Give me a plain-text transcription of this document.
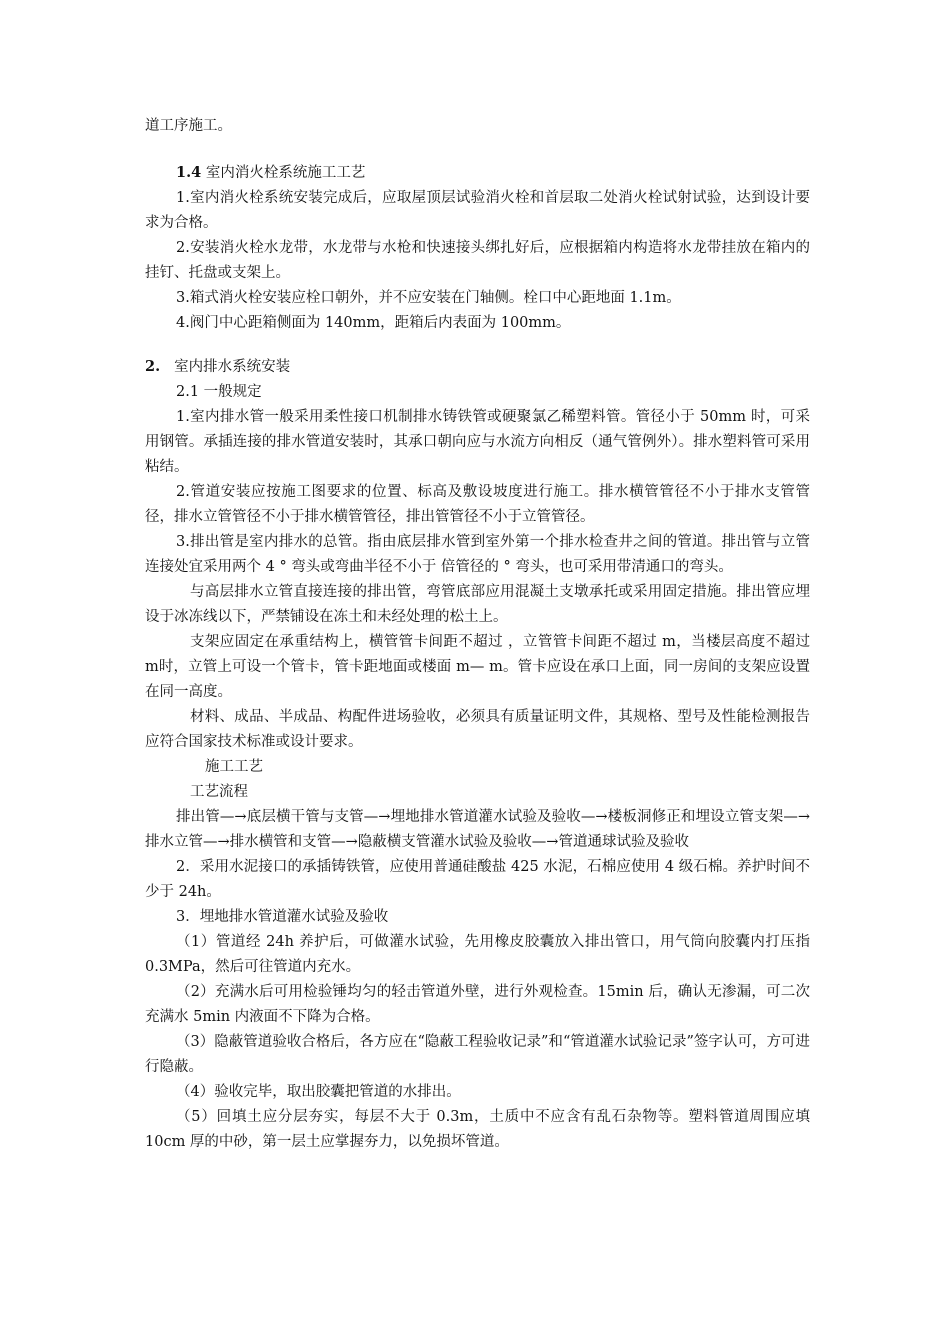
道工序施工。

1.4 室内消火栓系统施工工艺

1.室内消火栓系统安装完成后，应取屋顶层试验消火栓和首层取二处消火栓试射试验，达到设计要求为合格。

2.安装消火栓水龙带，水龙带与水枪和快速接头绑扎好后，应根据箱内构造将水龙带挂放在箱内的挂钉、托盘或支架上。

3.箱式消火栓安装应栓口朝外，并不应安装在门轴侧。栓口中心距地面 1.1m。

4.阀门中心距箱侧面为 140mm，距箱后内表面为 100mm。

2. 室内排水系统安装

2.1 一般规定

1.室内排水管一般采用柔性接口机制排水铸铁管或硬聚氯乙稀塑料管。管径小于 50mm 时，可采用钢管。承插连接的排水管道安装时，其承口朝向应与水流方向相反（通气管例外）。排水塑料管可采用粘结。

2.管道安装应按施工图要求的位置、标高及敷设坡度进行施工。排水横管管径不小于排水支管管径，排水立管管径不小于排水横管管径，排出管管径不小于立管管径。

3.排出管是室内排水的总管。指由底层排水管到室外第一个排水检查井之间的管道。排出管与立管连接处宜采用两个 4 ° 弯头或弯曲半径不小于 倍管径的 ° 弯头，也可采用带清通口的弯头。

与高层排水立管直接连接的排出管，弯管底部应用混凝土支墩承托或采用固定措施。排出管应埋设于冰冻线以下，严禁铺设在冻土和未经处理的松土上。

支架应固定在承重结构上，横管管卡间距不超过 ，立管管卡间距不超过 m，当楼层高度不超过 m时，立管上可设一个管卡，管卡距地面或楼面 m— m。管卡应设在承口上面，同一房间的支架应设置在同一高度。

材料、成品、半成品、构配件进场验收，必须具有质量证明文件，其规格、型号及性能检测报告应符合国家技术标准或设计要求。

施工工艺

工艺流程

排出管—→底层横干管与支管—→埋地排水管道灌水试验及验收—→楼板洞修正和埋设立管支架—→排水立管—→排水横管和支管—→隐蔽横支管灌水试验及验收—→管道通球试验及验收

2．采用水泥接口的承插铸铁管，应使用普通硅酸盐 425 水泥，石棉应使用 4 级石棉。养护时间不少于 24h。

3．埋地排水管道灌水试验及验收

（1）管道经 24h 养护后，可做灌水试验，先用橡皮胶囊放入排出管口，用气筒向胶囊内打压指 0.3MPa，然后可往管道内充水。

（2）充满水后可用检验锤均匀的轻击管道外壁，进行外观检查。15min 后，确认无渗漏，可二次充满水 5min 内液面不下降为合格。

（3）隐蔽管道验收合格后，各方应在“隐蔽工程验收记录”和“管道灌水试验记录”签字认可，方可进行隐蔽。

（4）验收完毕，取出胶囊把管道的水排出。

（5）回填土应分层夯实，每层不大于 0.3m，土质中不应含有乱石杂物等。塑料管道周围应填 10cm 厚的中砂，第一层土应掌握夯力，以免损坏管道。
